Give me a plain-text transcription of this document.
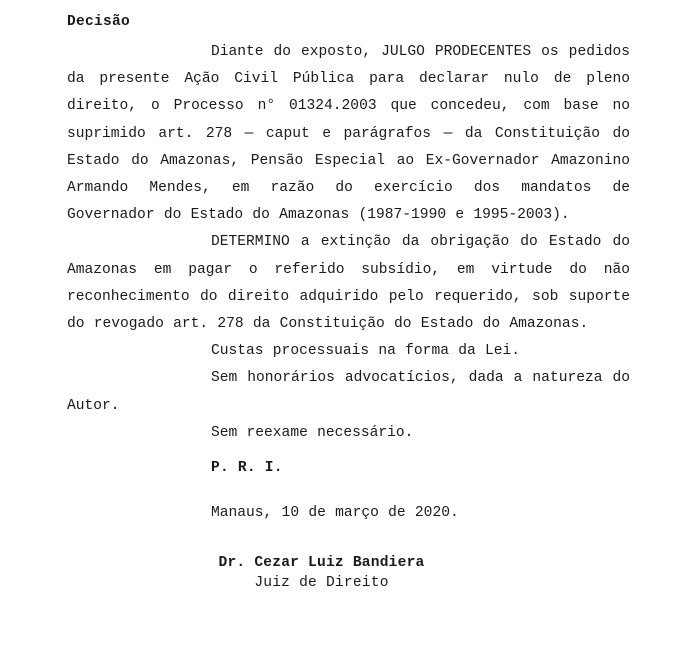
Decisão

Diante do exposto, JULGO PRODECENTES os pedidos da presente Ação Civil Pública para declarar nulo de pleno direito, o Processo n° 01324.2003 que concedeu, com base no suprimido art. 278 — caput e parágrafos — da Constituição do Estado do Amazonas, Pensão Especial ao Ex-Governador Amazonino Armando Mendes, em razão do exercício dos mandatos de Governador do Estado do Amazonas (1987-1990 e 1995-2003).

DETERMINO a extinção da obrigação do Estado do Amazonas em pagar o referido subsídio, em virtude do não reconhecimento do direito adquirido pelo requerido, sob suporte do revogado art. 278 da Constituição do Estado do Amazonas.

Custas processuais na forma da Lei.

Sem honorários advocatícios, dada a natureza do Autor.

Sem reexame necessário.

P. R. I.

Manaus, 10 de março de 2020.

Dr. Cezar Luiz Bandiera

Juiz de Direito
